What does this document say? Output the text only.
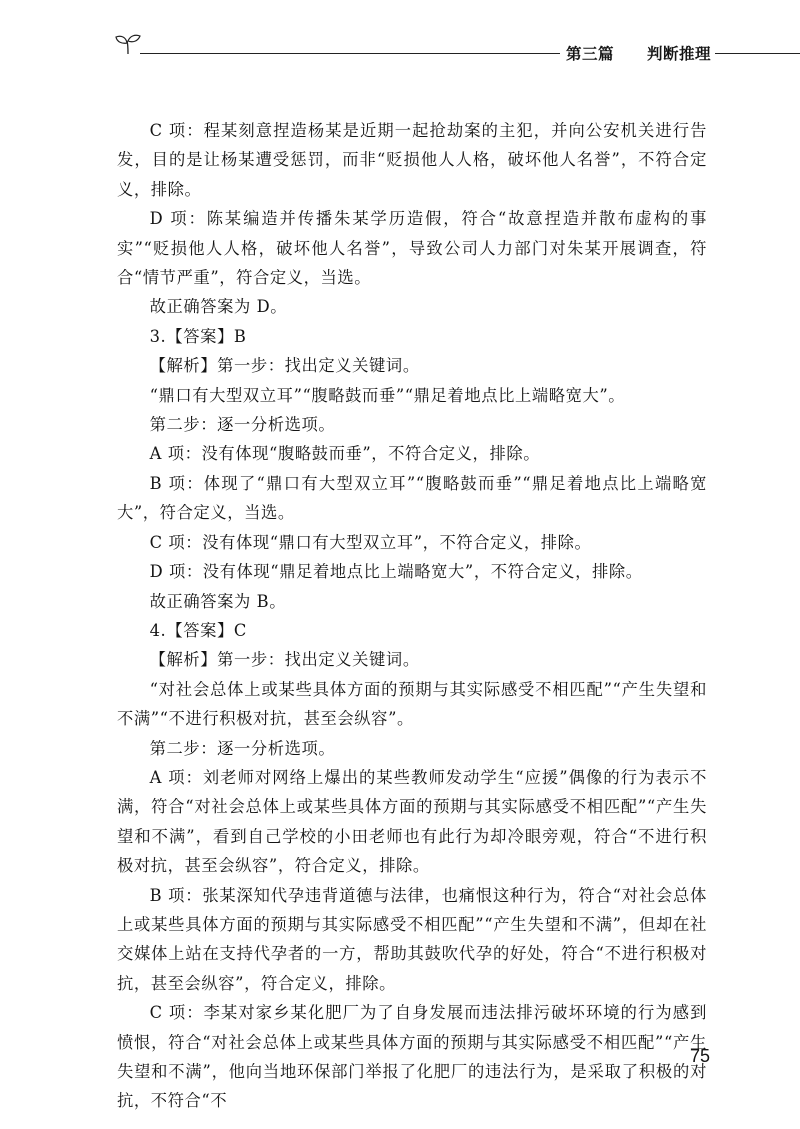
第三篇 判断推理

C 项：程某刻意捏造杨某是近期一起抢劫案的主犯，并向公安机关进行告发，目的是让杨某遭受惩罚，而非“贬损他人人格，破坏他人名誉”，不符合定义，排除。

D 项：陈某编造并传播朱某学历造假，符合“故意捏造并散布虚构的事实”“贬损他人人格，破坏他人名誉”，导致公司人力部门对朱某开展调查，符合“情节严重”，符合定义，当选。

故正确答案为 D。

3.【答案】B

【解析】第一步：找出定义关键词。

“鼎口有大型双立耳”“腹略鼓而垂”“鼎足着地点比上端略宽大”。

第二步：逐一分析选项。

A 项：没有体现“腹略鼓而垂”，不符合定义，排除。

B 项：体现了“鼎口有大型双立耳”“腹略鼓而垂”“鼎足着地点比上端略宽大”，符合定义，当选。

C 项：没有体现“鼎口有大型双立耳”，不符合定义，排除。

D 项：没有体现“鼎足着地点比上端略宽大”，不符合定义，排除。

故正确答案为 B。

4.【答案】C

【解析】第一步：找出定义关键词。

“对社会总体上或某些具体方面的预期与其实际感受不相匹配”“产生失望和不满”“不进行积极对抗，甚至会纵容”。

第二步：逐一分析选项。

A 项：刘老师对网络上爆出的某些教师发动学生“应援”偶像的行为表示不满，符合“对社会总体上或某些具体方面的预期与其实际感受不相匹配”“产生失望和不满”，看到自己学校的小田老师也有此行为却冷眼旁观，符合“不进行积极对抗，甚至会纵容”，符合定义，排除。

B 项：张某深知代孕违背道德与法律，也痛恨这种行为，符合“对社会总体上或某些具体方面的预期与其实际感受不相匹配”“产生失望和不满”，但却在社交媒体上站在支持代孕者的一方，帮助其鼓吹代孕的好处，符合“不进行积极对抗，甚至会纵容”，符合定义，排除。

C 项：李某对家乡某化肥厂为了自身发展而违法排污破坏环境的行为感到愤恨，符合“对社会总体上或某些具体方面的预期与其实际感受不相匹配”“产生失望和不满”，他向当地环保部门举报了化肥厂的违法行为，是采取了积极的对抗，不符合“不

75
